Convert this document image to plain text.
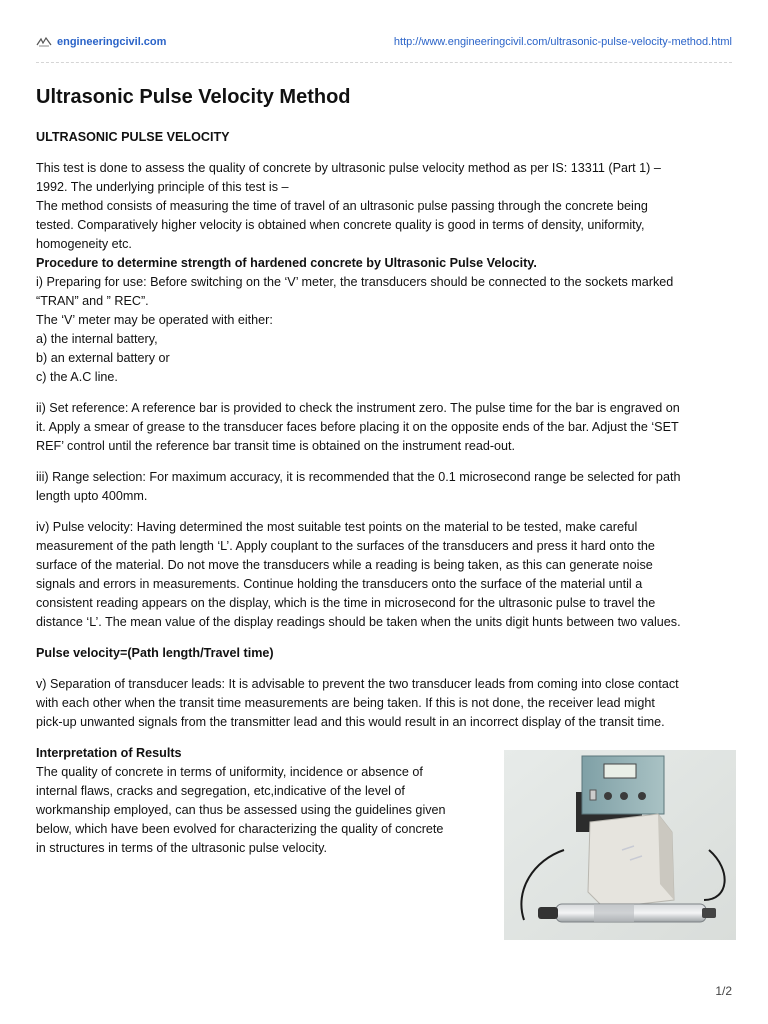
engineeringcivil.com	http://www.engineeringcivil.com/ultrasonic-pulse-velocity-method.html
Ultrasonic Pulse Velocity Method
ULTRASONIC PULSE VELOCITY

This test is done to assess the quality of concrete by ultrasonic pulse velocity method as per IS: 13311 (Part 1) –
1992. The underlying principle of this test is –
The method consists of measuring the time of travel of an ultrasonic pulse passing through the concrete being
tested. Comparatively higher velocity is obtained when concrete quality is good in terms of density, uniformity,
homogeneity etc.
Procedure to determine strength of hardened concrete by Ultrasonic Pulse Velocity.
i) Preparing for use: Before switching on the ‘V’ meter, the transducers should be connected to the sockets marked
“TRAN” and ” REC”.
The ‘V’ meter may be operated with either:
a) the internal battery,
b) an external battery or
c) the A.C line.

ii) Set reference: A reference bar is provided to check the instrument zero. The pulse time for the bar is engraved on
it. Apply a smear of grease to the transducer faces before placing it on the opposite ends of the bar. Adjust the ‘SET
REF’ control until the reference bar transit time is obtained on the instrument read-out.

iii) Range selection: For maximum accuracy, it is recommended that the 0.1 microsecond range be selected for path
length upto 400mm.

iv) Pulse velocity: Having determined the most suitable test points on the material to be tested, make careful
measurement of the path length ‘L’. Apply couplant to the surfaces of the transducers and press it hard onto the
surface of the material. Do not move the transducers while a reading is being taken, as this can generate noise
signals and errors in measurements. Continue holding the transducers onto the surface of the material until a
consistent reading appears on the display, which is the time in microsecond for the ultrasonic pulse to travel the
distance ‘L’. The mean value of the display readings should be taken when the units digit hunts between two values.

Pulse velocity=(Path length/Travel time)

v) Separation of transducer leads: It is advisable to prevent the two transducer leads from coming into close contact
with each other when the transit time measurements are being taken. If this is not done, the receiver lead might
pick-up unwanted signals from the transmitter lead and this would result in an incorrect display of the transit time.

Interpretation of Results
The quality of concrete in terms of uniformity, incidence or absence of
internal flaws, cracks and segregation, etc,indicative of the level of
workmanship employed, can thus be assessed using the guidelines given
below, which have been evolved for characterizing the quality of concrete
in structures in terms of the ultrasonic pulse velocity.
1/2
